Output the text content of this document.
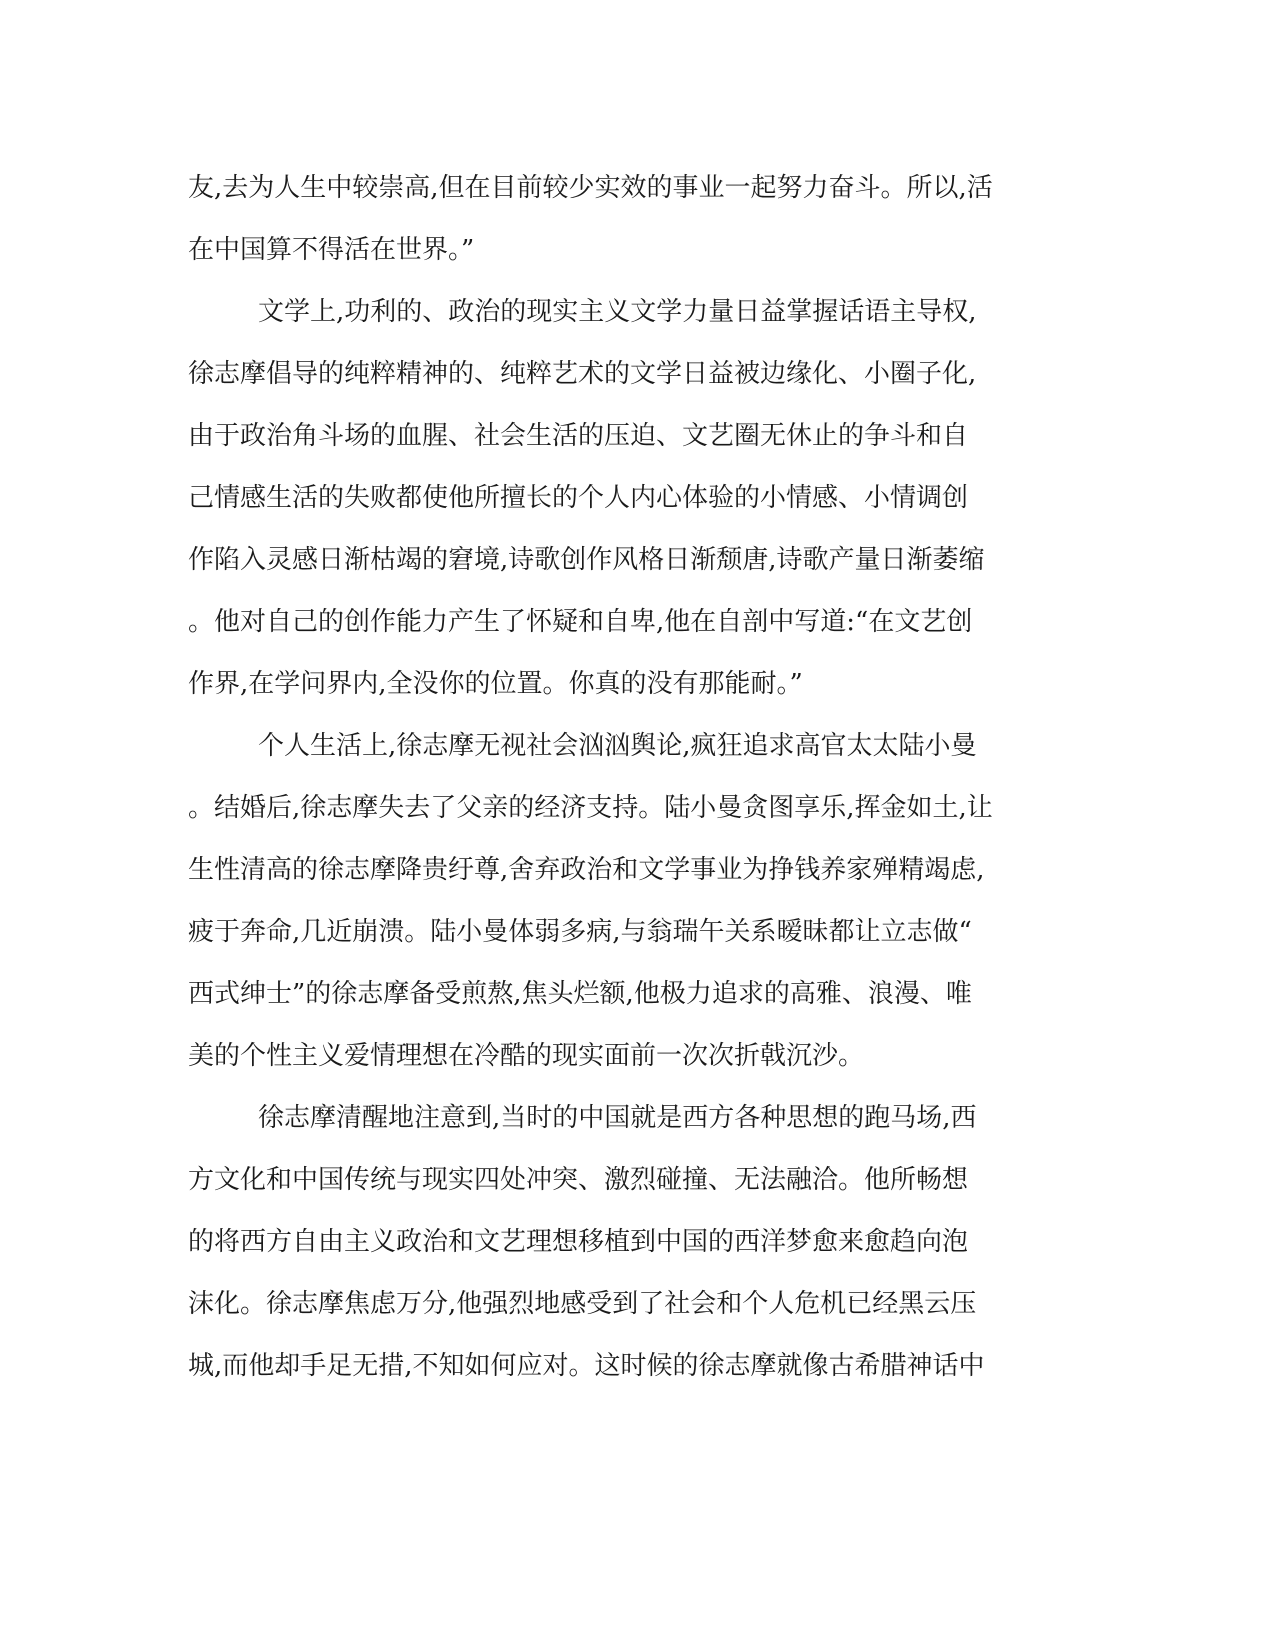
友,去为人生中较崇高,但在目前较少实效的事业一起努力奋斗。所以,活
在中国算不得活在世界。”
文学上,功利的、政治的现实主义文学力量日益掌握话语主导权,
徐志摩倡导的纯粹精神的、纯粹艺术的文学日益被边缘化、小圈子化,
由于政治角斗场的血腥、社会生活的压迫、文艺圈无休止的争斗和自
己情感生活的失败都使他所擅长的个人内心体验的小情感、小情调创
作陷入灵感日渐枯竭的窘境,诗歌创作风格日渐颓唐,诗歌产量日渐萎缩
。他对自己的创作能力产生了怀疑和自卑,他在自剖中写道:“在文艺创
作界,在学问界内,全没你的位置。你真的没有那能耐。”
个人生活上,徐志摩无视社会汹汹舆论,疯狂追求高官太太陆小曼
。结婚后,徐志摩失去了父亲的经济支持。陆小曼贪图享乐,挥金如土,让
生性清高的徐志摩降贵纡尊,舍弃政治和文学事业为挣钱养家殚精竭虑,
疲于奔命,几近崩溃。陆小曼体弱多病,与翁瑞午关系暧昧都让立志做“
西式绅士”的徐志摩备受煎熬,焦头烂额,他极力追求的高雅、浪漫、唯
美的个性主义爱情理想在冷酷的现实面前一次次折戟沉沙。
徐志摩清醒地注意到,当时的中国就是西方各种思想的跑马场,西
方文化和中国传统与现实四处冲突、激烈碰撞、无法融洽。他所畅想
的将西方自由主义政治和文艺理想移植到中国的西洋梦愈来愈趋向泡
沫化。徐志摩焦虑万分,他强烈地感受到了社会和个人危机已经黑云压
城,而他却手足无措,不知如何应对。这时候的徐志摩就像古希腊神话中
